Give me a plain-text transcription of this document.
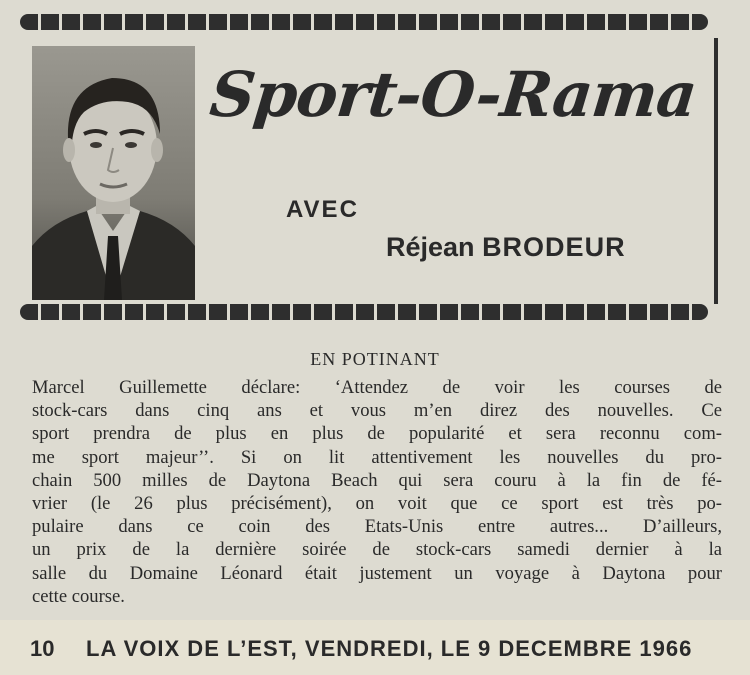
Sport-O-Rama
AVEC
Réjean BRODEUR
EN POTINANT
Marcel Guillemette déclare: ‘Attendez de voir les courses de
stock-cars dans cinq ans et vous m’en direz des nouvelles. Ce
sport prendra de plus en plus de popularité et sera reconnu com-
me sport majeur’’. Si on lit attentivement les nouvelles du pro-
chain 500 milles de Daytona Beach qui sera couru à la fin de fé-
vrier (le 26 plus précisément), on voit que ce sport est très po-
pulaire dans ce coin des Etats-Unis entre autres... D’ailleurs,
un prix de la dernière soirée de stock-cars samedi dernier à la
salle du Domaine Léonard était justement un voyage à Daytona pour
cette course.
10 LA VOIX DE L’EST, VENDREDI, LE 9 DECEMBRE 1966
